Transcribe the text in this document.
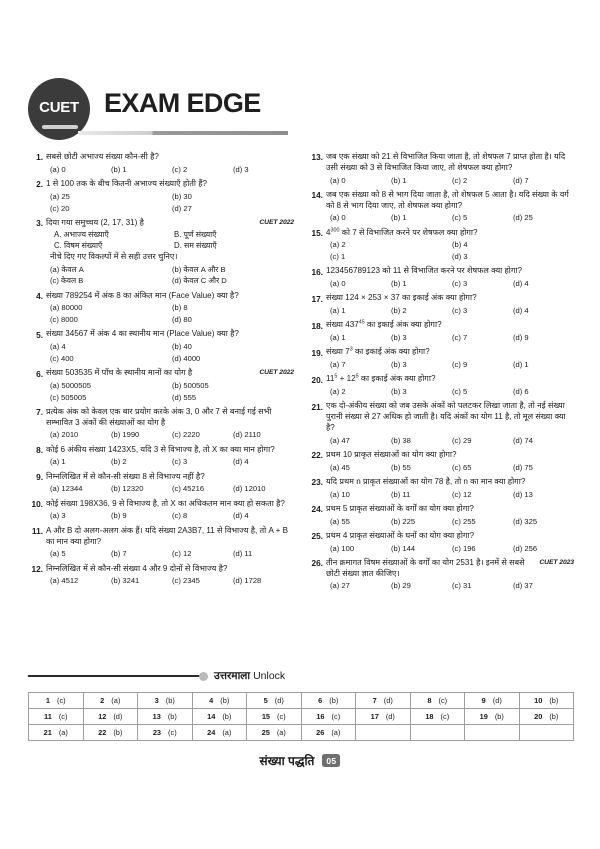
CUET EXAM EDGE
1. सबसे छोटी अभाज्य संख्या कौन-सी है?
(a) 0	(b) 1	(c) 2	(d) 3
2. 1 से 100 तक के बीच कितनी अभाज्य संख्याएँ होती हैं?
(a) 25	(b) 30
(c) 20	(d) 27
3.	CUET 2022
दिया गया समुच्चय (2, 17, 31) है
A. अभाज्य संख्याएँ	B. पूर्ण संख्याएँ
C. विषम संख्याएँ	D. सम संख्याएँ
नीचे दिए गए विकल्पों में से सही उत्तर चुनिए।
(a) केवल A	(b) केवल A और B
(c) केवल B	(d) केवल C और D
4. संख्या 789254 में अंक 8 का अंकित मान (Face Value) क्या है?
(a) 80000	(b) 8
(c) 8000	(d) 80
5. संख्या 34567 में अंक 4 का स्थानीय मान (Place Value) क्या है?
(a) 4	(b) 40
(c) 400	(d) 4000
6.	CUET 2022
संख्या 503535 में पाँच के स्थानीय मानों का योग है
(a) 5000505	(b) 500505
(c) 505005	(d) 555
7. प्रत्येक अंक को केवल एक बार प्रयोग करके अंक 3, 0 और 7 से बनाई गई सभी सम्भावित 3 अंकों की संख्याओं का योग है
(a) 2010	(b) 1990	(c) 2220	(d) 2110
8. कोई 6 अंकीय संख्या 1423X5, यदि 3 से विभाज्य है, तो X का क्या मान होगा?
(a) 1	(b) 2	(c) 3	(d) 4
9. निम्नलिखित में से कौन-सी संख्या 8 से विभाज्य नहीं है?
(a) 12344	(b) 12320	(c) 45216	(d) 12010
10. कोई संख्या 198X36, 9 से विभाज्य है, तो X का अधिकतम मान क्या हो सकता है?
(a) 3	(b) 9	(c) 8	(d) 4
11. A और B दो अलग-अलग अंक हैं। यदि संख्या 2A3B7, 11 से विभाज्य है, तो A + B का मान क्या होगा?
(a) 5	(b) 7	(c) 12	(d) 11
12. निम्नलिखित में से कौन-सी संख्या 4 और 9 दोनों से विभाज्य है?
(a) 4512	(b) 3241	(c) 2345	(d) 1728
13. जब एक संख्या को 21 से विभाजित किया जाता है, तो शेषफल 7 प्राप्त होता है। यदि उसी संख्या को 3 से विभाजित किया जाए, तो शेषफल क्या होगा?
(a) 0	(b) 1	(c) 2	(d) 7
14. जब एक संख्या को 8 से भाग दिया जाता है, तो शेषफल 5 आता है। यदि संख्या के वर्ग को 8 से भाग दिया जाए, तो शेषफल क्या होगा?
(a) 0	(b) 1	(c) 5	(d) 25
15. $4^{300}$ को 7 से विभाजित करने पर शेषफल क्या होगा?
(a) 2	(b) 4
(c) 1	(d) 3
16. 123456789123 को 11 से विभाजित करने पर शेषफल क्या होगा?
(a) 0	(b) 1	(c) 3	(d) 4
17. संख्या 124 × 253 × 37 का इकाई अंक क्या होगा?
(a) 1	(b) 2	(c) 3	(d) 4
18. संख्या $437^{45}$ का इकाई अंक क्या होगा?
(a) 1	(b) 3	(c) 7	(d) 9
19. संख्या $7^3$ का इकाई अंक क्या होगा?
(a) 7	(b) 3	(c) 9	(d) 1
20. $11^5 + 12^5$ का इकाई अंक क्या होगा?
(a) 2	(b) 3	(c) 5	(d) 6
21. एक दो-अंकीय संख्या को जब उसके अंकों को पलटकर लिखा जाता है, तो नई संख्या पुरानी संख्या से 27 अधिक हो जाती है। यदि अंकों का योग 11 है, तो मूल संख्या क्या है?
(a) 47	(b) 38	(c) 29	(d) 74
22. प्रथम 10 प्राकृत संख्याओं का योग क्या होगा?
(a) 45	(b) 55	(c) 65	(d) 75
23. यदि प्रथम n प्राकृत संख्याओं का योग 78 है, तो n का मान क्या होगा?
(a) 10	(b) 11	(c) 12	(d) 13
24. प्रथम 5 प्राकृत संख्याओं के वर्गों का योग क्या होगा?
(a) 55	(b) 225	(c) 255	(d) 325
25. प्रथम 4 प्राकृत संख्याओं के घनों का योग क्या होगा?
(a) 100	(b) 144	(c) 196	(d) 256
26.	CUET 2023
तीन क्रमागत विषम संख्याओं के वर्गों का योग 2531 है। इनमें से सबसे छोटी संख्या ज्ञात कीजिए।
(a) 27	(b) 29	(c) 31	(d) 37
उत्तरमाला Unlock
1 (c)	2 (a)	3 (b)	4 (b)	5 (d)	6 (b)	7 (d)	8 (c)	9 (d)	10 (b)
11 (c)	12 (d)	13 (b)	14 (b)	15 (c)	16 (c)	17 (d)	18 (c)	19 (b)	20 (b)
21 (a)	22 (b)	23 (c)	24 (a)	25 (a)	26 (a)				
संख्या पद्धति	05
